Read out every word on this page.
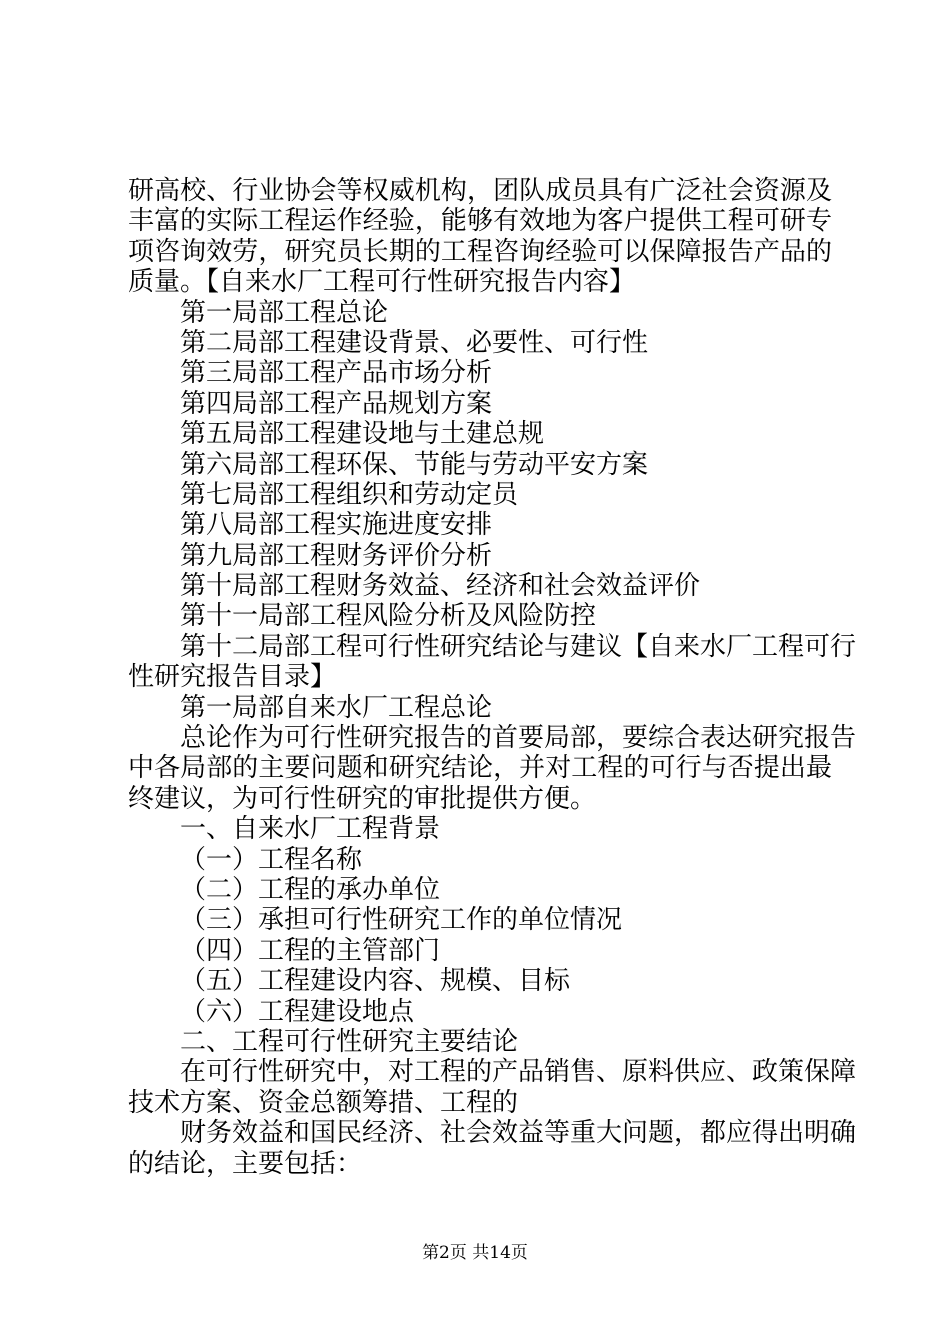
研高校、行业协会等权威机构，团队成员具有广泛社会资源及
丰富的实际工程运作经验，能够有效地为客户提供工程可研专
项咨询效劳，研究员长期的工程咨询经验可以保障报告产品的
质量。【自来水厂工程可行性研究报告内容】
第一局部工程总论
第二局部工程建设背景、必要性、可行性
第三局部工程产品市场分析
第四局部工程产品规划方案
第五局部工程建设地与土建总规
第六局部工程环保、节能与劳动平安方案
第七局部工程组织和劳动定员
第八局部工程实施进度安排
第九局部工程财务评价分析
第十局部工程财务效益、经济和社会效益评价
第十一局部工程风险分析及风险防控
第十二局部工程可行性研究结论与建议【自来水厂工程可行
性研究报告目录】
第一局部自来水厂工程总论
总论作为可行性研究报告的首要局部，要综合表达研究报告
中各局部的主要问题和研究结论，并对工程的可行与否提出最
终建议，为可行性研究的审批提供方便。
一、自来水厂工程背景
（一）工程名称
（二）工程的承办单位
（三）承担可行性研究工作的单位情况
（四）工程的主管部门
（五）工程建设内容、规模、目标
（六）工程建设地点
二、工程可行性研究主要结论
在可行性研究中，对工程的产品销售、原料供应、政策保障
技术方案、资金总额筹措、工程的
财务效益和国民经济、社会效益等重大问题，都应得出明确
的结论，主要包括：
第2页 共14页
